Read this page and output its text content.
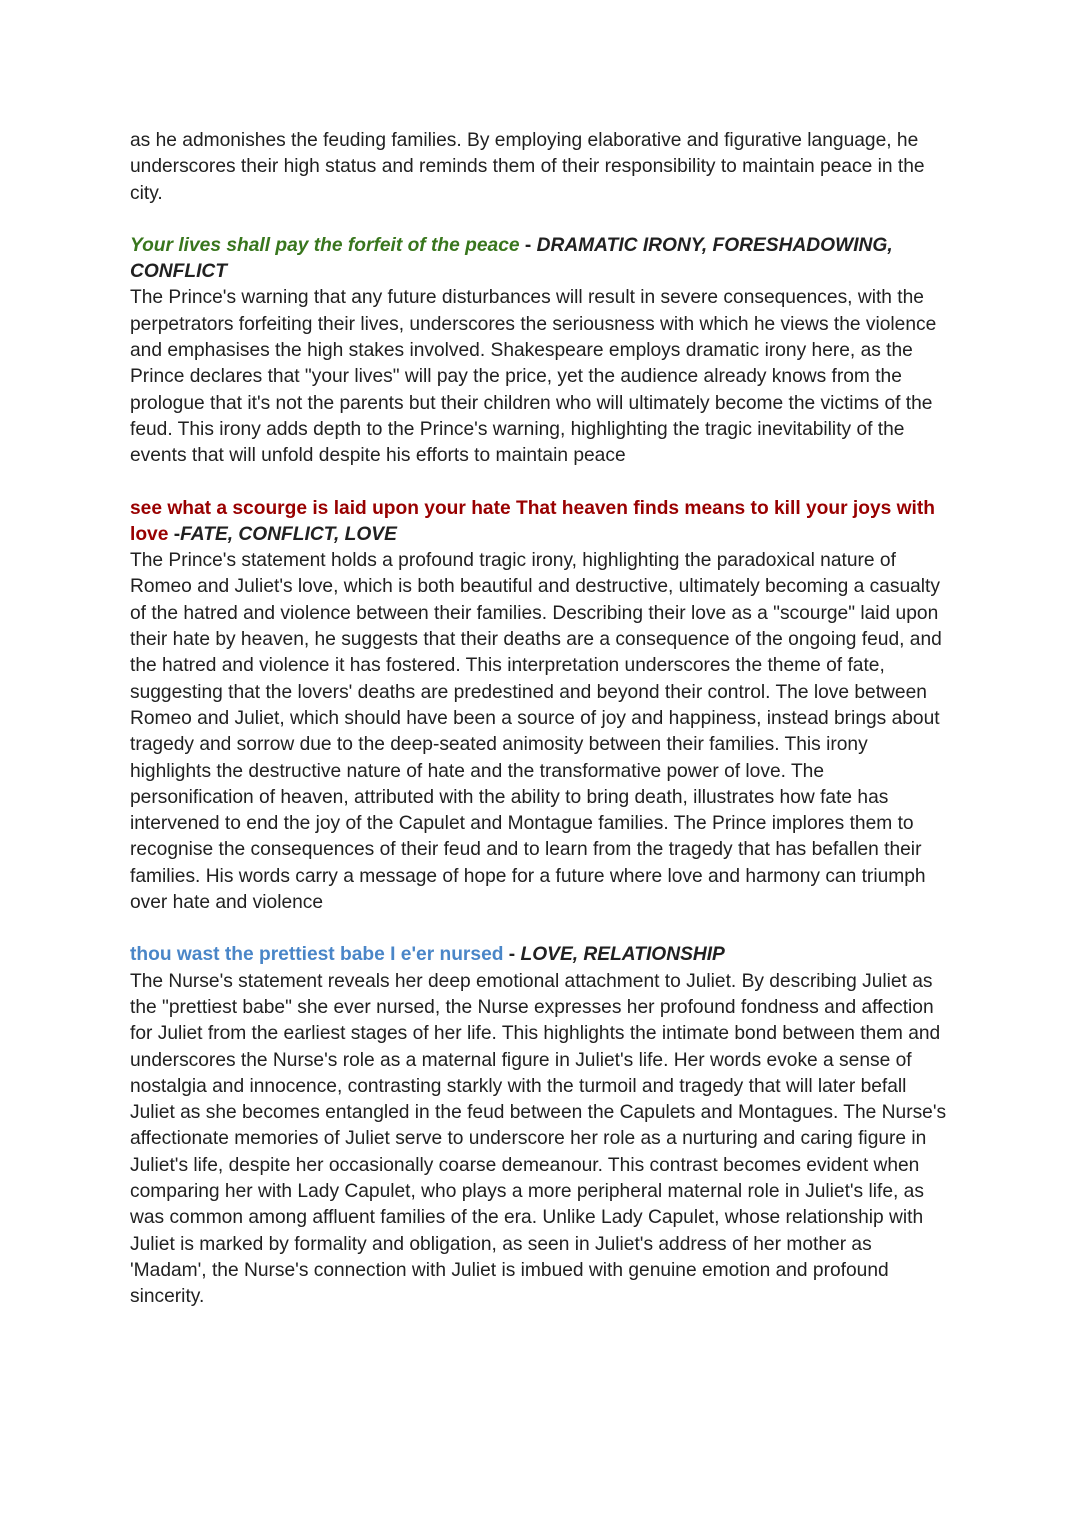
as he admonishes the feuding families. By employing elaborative and figurative language, he underscores their high status and reminds them of their responsibility to maintain peace in the city.

Your lives shall pay the forfeit of the peace - DRAMATIC IRONY, FORESHADOWING, CONFLICT

The Prince's warning that any future disturbances will result in severe consequences, with the perpetrators forfeiting their lives, underscores the seriousness with which he views the violence and emphasises the high stakes involved. Shakespeare employs dramatic irony here, as the Prince declares that "your lives" will pay the price, yet the audience already knows from the prologue that it's not the parents but their children who will ultimately become the victims of the feud. This irony adds depth to the Prince's warning, highlighting the tragic inevitability of the events that will unfold despite his efforts to maintain peace

see what a scourge is laid upon your hate That heaven finds means to kill your joys with love -FATE, CONFLICT, LOVE

The Prince's statement holds a profound tragic irony, highlighting the paradoxical nature of Romeo and Juliet's love, which is both beautiful and destructive, ultimately becoming a casualty of the hatred and violence between their families. Describing their love as a "scourge" laid upon their hate by heaven, he suggests that their deaths are a consequence of the ongoing feud, and the hatred and violence it has fostered. This interpretation underscores the theme of fate, suggesting that the lovers' deaths are predestined and beyond their control. The love between Romeo and Juliet, which should have been a source of joy and happiness, instead brings about tragedy and sorrow due to the deep-seated animosity between their families. This irony highlights the destructive nature of hate and the transformative power of love. The personification of heaven, attributed with the ability to bring death, illustrates how fate has intervened to end the joy of the Capulet and Montague families. The Prince implores them to recognise the consequences of their feud and to learn from the tragedy that has befallen their families. His words carry a message of hope for a future where love and harmony can triumph over hate and violence

thou wast the prettiest babe I e'er nursed - LOVE, RELATIONSHIP

The Nurse's statement reveals her deep emotional attachment to Juliet. By describing Juliet as the "prettiest babe" she ever nursed, the Nurse expresses her profound fondness and affection for Juliet from the earliest stages of her life. This highlights the intimate bond between them and underscores the Nurse's role as a maternal figure in Juliet's life. Her words evoke a sense of nostalgia and innocence, contrasting starkly with the turmoil and tragedy that will later befall Juliet as she becomes entangled in the feud between the Capulets and Montagues. The Nurse's affectionate memories of Juliet serve to underscore her role as a nurturing and caring figure in Juliet's life, despite her occasionally coarse demeanour. This contrast becomes evident when comparing her with Lady Capulet, who plays a more peripheral maternal role in Juliet's life, as was common among affluent families of the era. Unlike Lady Capulet, whose relationship with Juliet is marked by formality and obligation, as seen in Juliet's address of her mother as 'Madam', the Nurse's connection with Juliet is imbued with genuine emotion and profound sincerity.
